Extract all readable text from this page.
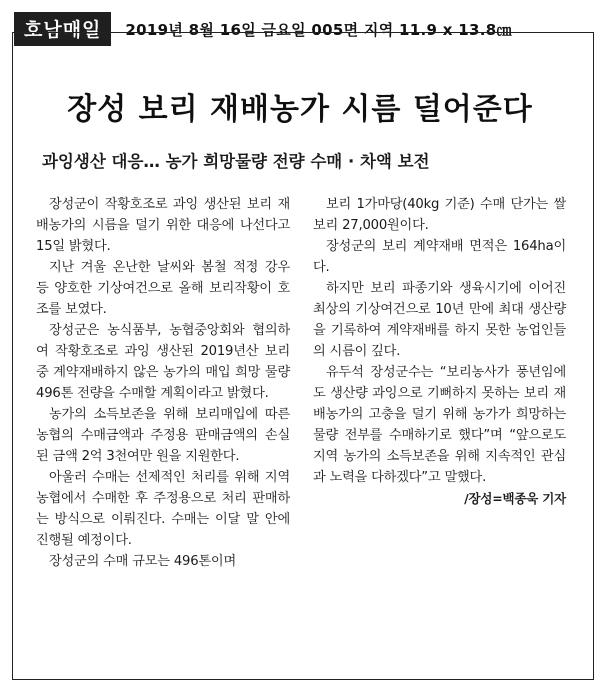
호남매일	2019년 8월 16일 금요일 005면 지역 11.9 x 13.8㎝
장성 보리 재배농가 시름 덜어준다
과잉생산 대응… 농가 희망물량 전량 수매 · 차액 보전

장성군이 작황호조로 과잉 생산된 보리 재배농가의 시름을 덜기 위한 대응에 나선다고 15일 밝혔다.

지난 겨울 온난한 날씨와 봄철 적정 강우 등 양호한 기상여건으로 올해 보리작황이 호조를 보였다.

장성군은 농식품부, 농협중앙회와 협의하여 작황호조로 과잉 생산된 2019년산 보리 중 계약재배하지 않은 농가의 매입 희망 물량 496톤 전량을 수매할 계획이라고 밝혔다.

농가의 소득보존을 위해 보리매입에 따른 농협의 수매금액과 주정용 판매금액의 손실된 금액 2억 3천여만 원을 지원한다.

아울러 수매는 선제적인 처리를 위해 지역농협에서 수매한 후 주정용으로 처리 판매하는 방식으로 이뤄진다. 수매는 이달 말 안에 진행될 예정이다.

장성군의 수매 규모는 496톤이며

보리 1가마당(40kg 기준) 수매 단가는 쌀보리 27,000원이다.

장성군의 보리 계약재배 면적은 164ha이다.

하지만 보리 파종기와 생육시기에 이어진 최상의 기상여건으로 10년 만에 최대 생산량을 기록하여 계약재배를 하지 못한 농업인들의 시름이 깊다.

유두석 장성군수는 “보리농사가 풍년임에도 생산량 과잉으로 기뻐하지 못하는 보리 재배농가의 고충을 덜기 위해 농가가 희망하는 물량 전부를 수매하기로 했다”며 “앞으로도 지역 농가의 소득보존을 위해 지속적인 관심과 노력을 다하겠다”고 말했다.

/장성=백종욱 기자
